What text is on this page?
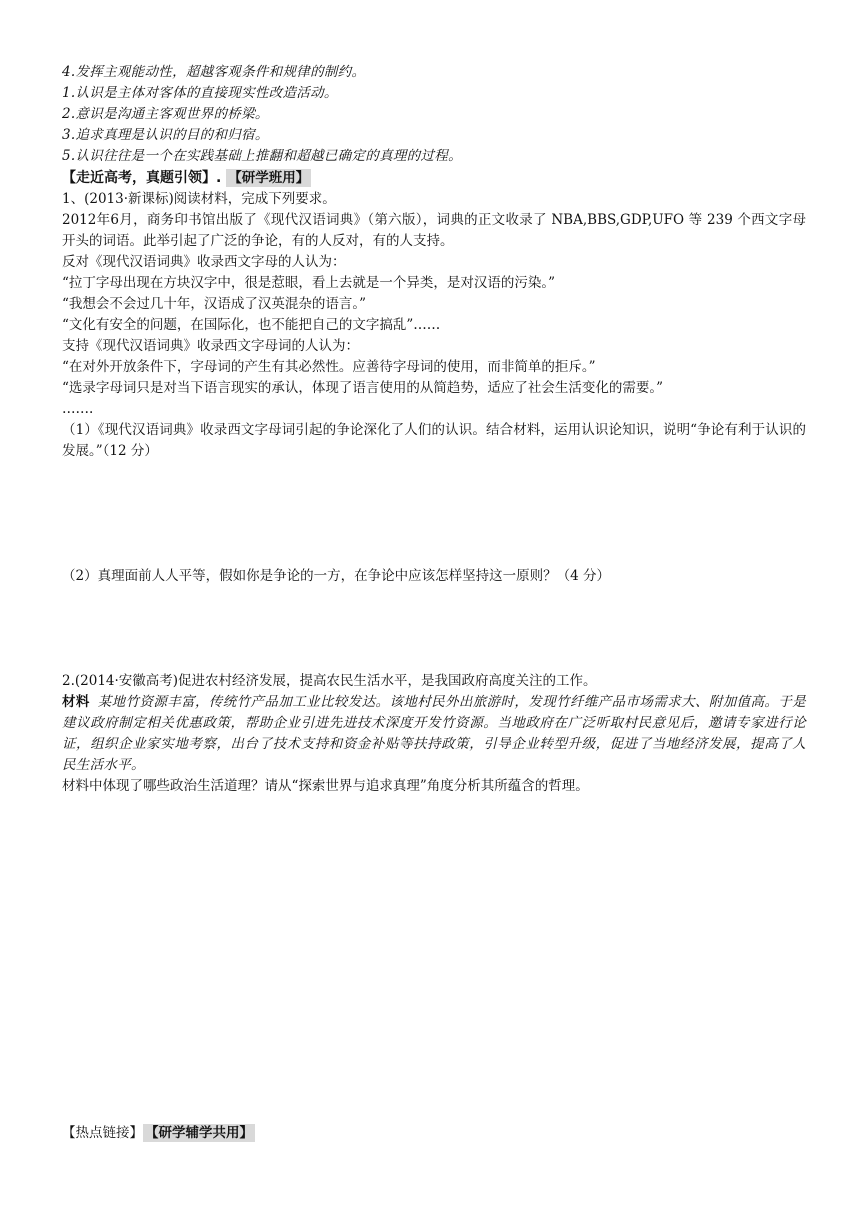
4.发挥主观能动性，超越客观条件和规律的制约。
1.认识是主体对客体的直接现实性改造活动。
2.意识是沟通主客观世界的桥梁。
3.追求真理是认识的目的和归宿。
5.认识往往是一个在实践基础上推翻和超越已确定的真理的过程。
【走近高考，真题引领】. 【研学班用】
1、(2013·新课标)阅读材料，完成下列要求。
2012年6月，商务印书馆出版了《现代汉语词典》（第六版），词典的正文收录了 NBA,BBS,GDP,UFO 等 239 个西文字母开头的词语。此举引起了广泛的争论，有的人反对，有的人支持。
反对《现代汉语词典》收录西文字母的人认为：
“拉丁字母出现在方块汉字中，很是惹眼，看上去就是一个异类，是对汉语的污染。”
“我想会不会过几十年，汉语成了汉英混杂的语言。”
“文化有安全的问题，在国际化，也不能把自己的文字搞乱”……
支持《现代汉语词典》收录西文字母词的人认为：
“在对外开放条件下，字母词的产生有其必然性。应善待字母词的使用，而非简单的拒斥。”
“选录字母词只是对当下语言现实的承认，体现了语言使用的从简趋势，适应了社会生活变化的需要。”
…….
（1）《现代汉语词典》收录西文字母词引起的争论深化了人们的认识。结合材料，运用认识论知识，说明“争论有利于认识的发展。”（12 分）
（2）真理面前人人平等，假如你是争论的一方，在争论中应该怎样坚持这一原则？（4 分）
2.(2014·安徽高考)促进农村经济发展，提高农民生活水平，是我国政府高度关注的工作。
材料 某地竹资源丰富，传统竹产品加工业比较发达。该地村民外出旅游时，发现竹纤维产品市场需求大、附加值高。于是建议政府制定相关优惠政策，帮助企业引进先进技术深度开发竹资源。当地政府在广泛听取村民意见后，邀请专家进行论证，组织企业家实地考察，出台了技术支持和资金补贴等扶持政策，引导企业转型升级，促进了当地经济发展，提高了人民生活水平。
材料中体现了哪些政治生活道理？请从“探索世界与追求真理”角度分析其所蕴含的哲理。
【热点链接】 【研学辅学共用】
